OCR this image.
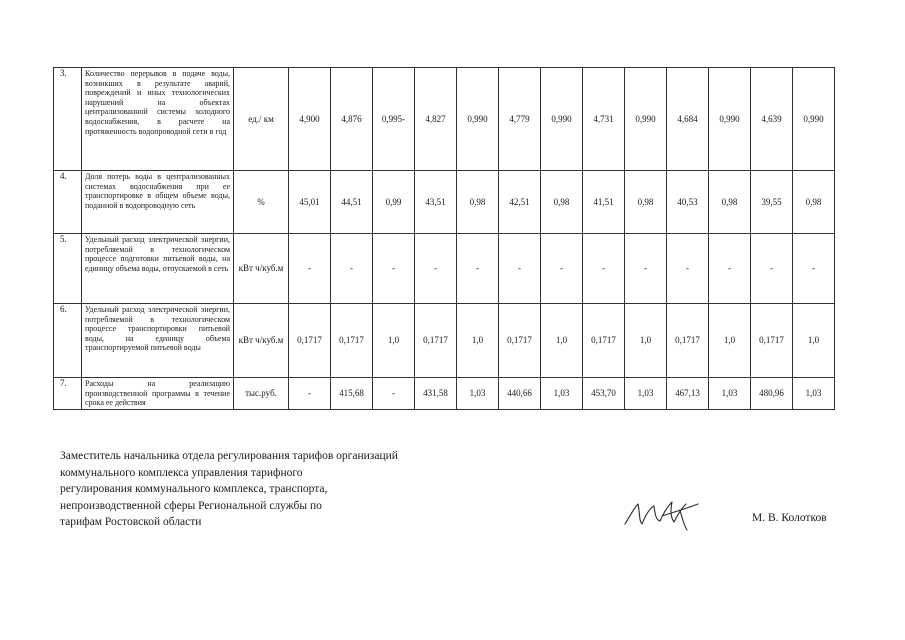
3.	Количество перерывов в подаче воды, возникших в результате аварий, повреждений и иных технологических нарушений на объектах централизованной системы холодного водоснабжения, в расчете на протяженность водопроводной сети в год	ед./ км	4,900	4,876	0,995-	4,827	0,990	4,779	0,990	4,731	0,990	4,684	0,990	4,639	0,990
4.	Доля потерь воды в централизованных системах водоснабжения при ее транспортировке в общем объеме воды, поданной в водопроводную сеть	%	45,01	44,51	0,99	43,51	0,98	42,51	0,98	41,51	0,98	40,53	0,98	39,55	0,98
5.	Удельный расход электрической энергии, потребляемой в технологическом процессе подготовки питьевой воды, на единицу объема воды, отпускаемой в сеть	кВт ч/куб.м	-	-	-	-	-	-	-	-	-	-	-	-	-
6.	Удельный расход электрической энергии, потребляемой в технологическом процессе транспортировки питьевой воды, на единицу объема транспортируемой питьевой воды	кВт ч/куб.м	0,1717	0,1717	1,0	0,1717	1,0	0,1717	1,0	0,1717	1,0	0,1717	1,0	0,1717	1,0
7.	Расходы на реализацию производственной программы в течение срока ее действия	тыс.руб.	-	415,68	-	431,58	1,03	440,66	1,03	453,70	1,03	467,13	1,03	480,96	1,03
Заместитель начальника отдела регулирования тарифов организаций
коммунального комплекса управления тарифного
регулирования коммунального комплекса, транспорта,
непроизводственной сферы Региональной службы по
тарифам Ростовской области	М. В. Колотков
